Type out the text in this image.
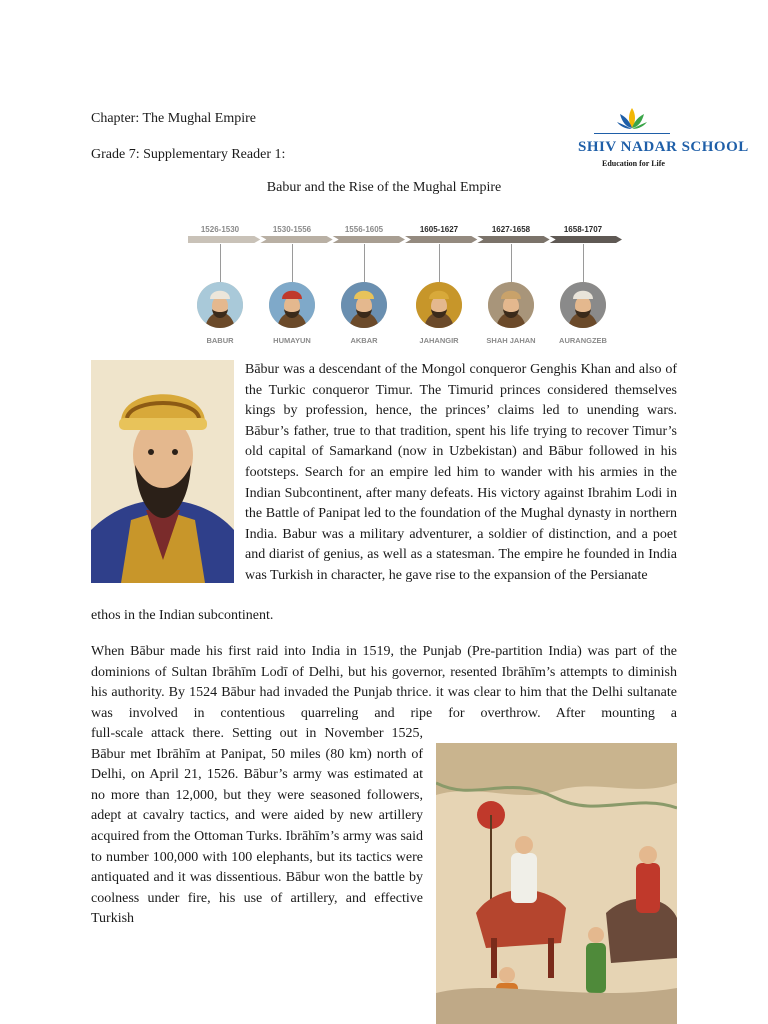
Chapter: The Mughal Empire
Grade 7: Supplementary Reader 1:	SHIV NADAR SCHOOL
Education for Life
Babur and the Rise of the Mughal Empire
1526-1530
BABUR
1530-1556
HUMAYUN
1556-1605
AKBAR
1605-1627
JAHANGIR
1627-1658
SHAH JAHAN
1658-1707
AURANGZEB

Bābur was a descendant of the Mongol conqueror Genghis Khan and also of the Turkic conqueror Timur. The Timurid princes considered themselves kings by profession, hence, the princes’ claims led to unending wars. Bābur’s father, true to that tradition, spent his life trying to recover Timur’s old capital of Samarkand (now in Uzbekistan) and Bābur followed in his footsteps. Search for an empire led him to wander with his armies in the Indian Subcontinent, after many defeats. His victory against Ibrahim Lodi in the Battle of Panipat led to the foundation of the Mughal dynasty in northern India. Babur was a military adventurer, a soldier of distinction, and a poet and diarist of genius, as well as a statesman. The empire he founded in India was Turkish in character, he gave rise to the expansion of the Persianate

ethos in the Indian subcontinent.

When Bābur made his first raid into India in 1519, the Punjab (Pre-partition India) was part of the dominions of Sultan Ibrāhīm Lodī of Delhi, but his governor, resented Ibrāhīm’s attempts to diminish his authority. By 1524 Bābur had invaded the Punjab thrice. it was clear to him that the Delhi sultanate was involved in contentious quarreling and ripe for overthrow. After mounting a

full-scale attack there. Setting out in November 1525, Bābur met Ibrāhīm at Panipat, 50 miles (80 km) north of Delhi, on April 21, 1526. Bābur’s army was estimated at no more than 12,000, but they were seasoned followers, adept at cavalry tactics, and were aided by new artillery acquired from the Ottoman Turks. Ibrāhīm’s army was said to number 100,000 with 100 elephants, but its tactics were antiquated and it was dissentious. Bābur won the battle by coolness under fire, his use of artillery, and effective Turkish
